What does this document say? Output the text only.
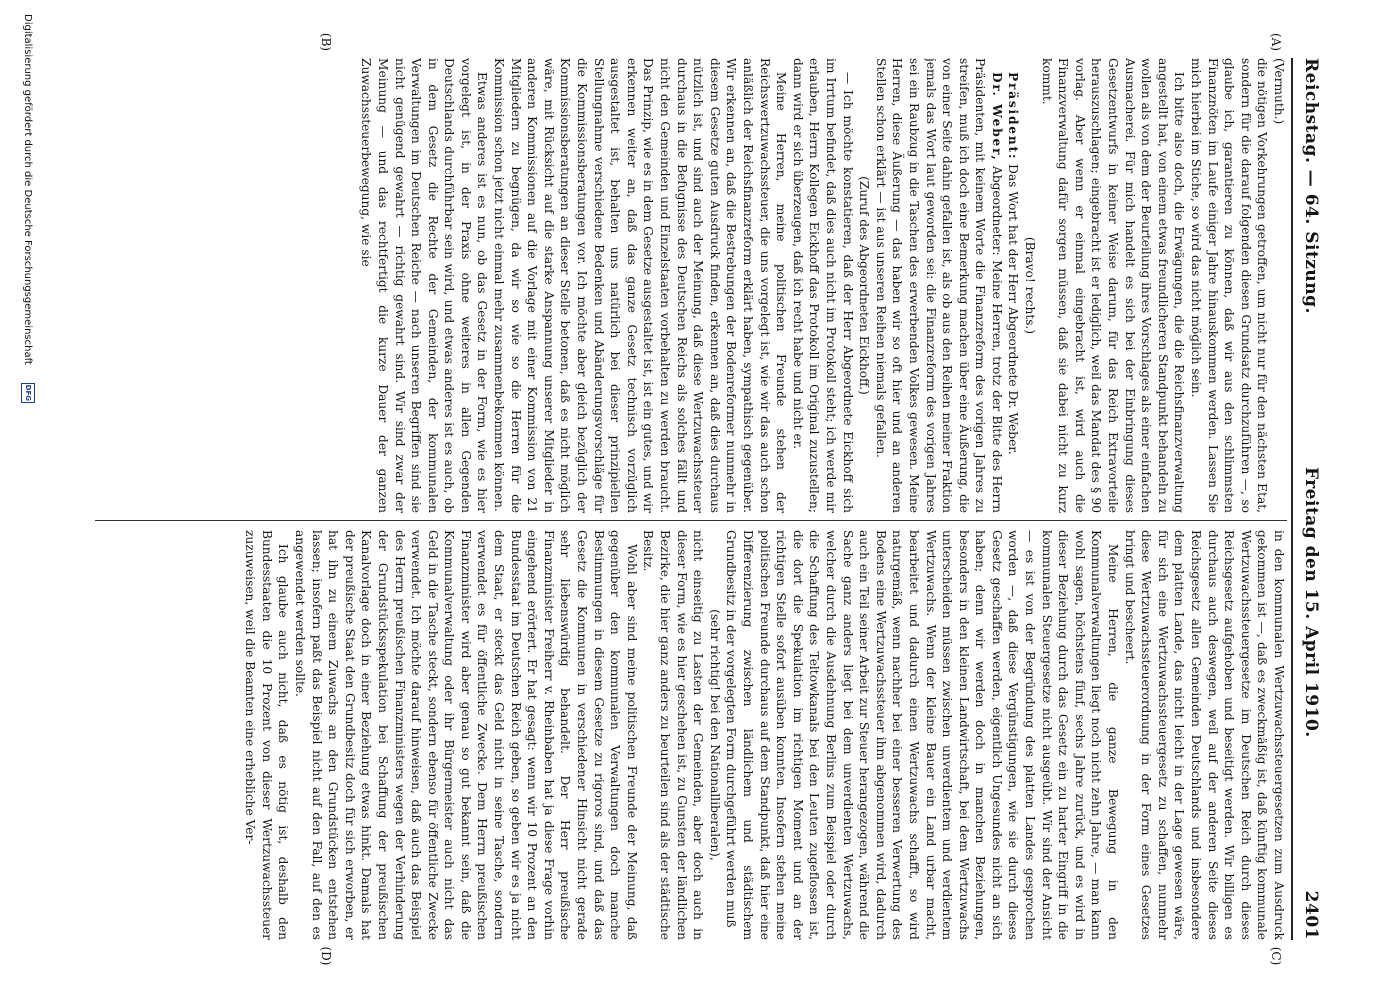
Reichstag. — 64. Sitzung.
Freitag den 15. April 1910.
2401
(A)
(B)
(C)
(D)

(Vermuth.)

die nötigen Vorkehrungen getroffen, um nicht nur für den nächsten Etat, sondern für die darauf folgenden diesen Grundsatz durchzuführen —, so glaube ich, garantieren zu können, daß wir aus den schlimmsten Finanznöten im Laufe einiger Jahre hinauskommen werden. Lassen Sie mich hierbei im Stiche, so wird das nicht möglich sein.

Ich bitte also doch, die Erwägungen, die die Reichsfinanzverwaltung angestellt hat, von einem etwas freundlicheren Standpunkt behandeln zu wollen als von dem der Beurteilung ihres Vorschlages als einer einfachen Ausmacherei. Für mich handelt es sich bei der Einbringung dieses Gesetzentwurfs in keiner Weise darum, für das Reich Extravorteile herauszuschlagen; eingebracht ist er lediglich, weil das Mandat des § 90 vorlag. Aber wenn er einmal eingebracht ist, wird auch die Finanzverwaltung dafür sorgen müssen, daß sie dabei nicht zu kurz kommt.

(Bravo! rechts.)

Präsident: Das Wort hat der Herr Abgeordnete Dr. Weber.

Dr. Weber, Abgeordneter: Meine Herren, trotz der Bitte des Herrn Präsidenten, mit keinem Worte die Finanzreform des vorigen Jahres zu streifen, muß ich doch eine Bemerkung machen über eine Äußerung, die von einer Seite dahin gefallen ist, als ob aus den Reihen meiner Fraktion jemals das Wort laut geworden sei: die Finanzreform des vorigen Jahres sei ein Raubzug in die Taschen des erwerbenden Volkes gewesen. Meine Herren, diese Äußerung — das haben wir so oft hier und an anderen Stellen schon erklärt — ist aus unseren Reihen niemals gefallen.

(Zuruf des Abgeordneten Eickhoff.)

— Ich möchte konstatieren, daß der Herr Abgeordnete Eickhoff sich im Irrtum befindet, daß dies auch nicht im Protokoll steht; ich werde mir erlauben, Herrn Kollegen Eickhoff das Protokoll im Original zuzustellen; dann wird er sich überzeugen, daß ich recht habe und nicht er.

Meine Herren, meine politischen Freunde stehen der Reichswertzuwachssteuer, die uns vorgelegt ist, wie wir das auch schon anläßlich der Reichsfinanzreform erklärt haben, sympathisch gegenüber. Wir erkennen an, daß die Bestrebungen der Bodenreformer nunmehr in diesem Gesetze guten Ausdruck finden, erkennen an, daß dies durchaus nützlich ist, und sind auch der Meinung, daß diese Wertzuwachssteuer durchaus in die Befugnisse des Deutschen Reichs als solches fällt und nicht den Gemeinden und Einzelstaaten vorbehalten zu werden braucht. Das Prinzip, wie es in dem Gesetze ausgestaltet ist, ist ein gutes, und wir erkennen weiter an, daß das ganze Gesetz technisch vorzüglich ausgestaltet ist, behalten uns natürlich bei dieser prinzipiellen Stellungnahme verschiedene Bedenken und Abänderungsvorschläge für die Kommissionsberatungen vor. Ich möchte aber gleich bezüglich der Kommissionsberatungen an dieser Stelle betonen, daß es nicht möglich wäre, mit Rücksicht auf die starke Anspannung unserer Mitglieder in anderen Kommissionen auf die Vorlage mit einer Kommission von 21 Mitgliedern zu begnügen, da wir so wie so die Herren für die Kommission schon jetzt nicht einmal mehr zusammenbekommen können.

Etwas anderes ist es nun, ob das Gesetz in der Form, wie es hier vorgelegt ist, in der Praxis ohne weiteres in allen Gegenden Deutschlands durchführbar sein wird, und etwas anderes ist es auch, ob in dem Gesetz die Rechte der Gemeinden, der kommunalen Verwaltungen im Deutschen Reiche — nach unseren Begriffen sind sie nicht genügend gewahrt — richtig gewahrt sind. Wir sind zwar der Meinung — und das rechtfertigt die kurze Dauer der ganzen Zuwachssteuerbewegung, wie sie

in den kommunalen Wertzuwachssteuergesetzen zum Ausdruck gekommen ist —, daß es zweckmäßig ist, daß künftig kommunale Wertzuwachssteuergesetze im Deutschen Reich durch dieses Reichsgesetz aufgehoben und beseitigt werden. Wir billigen es durchaus auch deswegen, weil auf der anderen Seite dieses Reichsgesetz allen Gemeinden Deutschlands und insbesondere dem platten Lande, das nicht leicht in der Lage gewesen wäre, für sich eine Wertzuwachssteuergesetz zu schaffen, nunmehr diese Wertzuwachssteuerordnung in der Form eines Gesetzes bringt und bescheert.

Meine Herren, die ganze Bewegung in den Kommunalverwaltungen liegt noch nicht zehn Jahre, — man kann wohl sagen, höchstens fünf, sechs Jahre zurück, und es wird in dieser Beziehung durch das Gesetz ein zu harter Eingriff in die kommunalen Steuergesetze nicht ausgeübt. Wir sind der Ansicht — es ist von der Begründung des platten Landes gesprochen worden —, daß diese Vergünstigungen, wie sie durch dieses Gesetz geschaffen werden, eigentlich Ungesundes nicht an sich haben; denn wir werden doch in manchen Beziehungen, besonders in den kleinen Landwirtschaft, bei dem Wertzuwachs unterscheiden müssen zwischen unverdientem und verdientem Wertzuwachs. Wenn der kleine Bauer ein Land urbar macht, bearbeitet und dadurch einen Wertzuwachs schafft, so wird naturgemäß, wenn nachher bei einer besseren Verwertung des Bodens eine Wertzuwachssteuer ihm abgenommen wird, dadurch auch ein Teil seiner Arbeit zur Steuer herangezogen, während die Sache ganz anders liegt bei dem unverdienten Wertzuwachs, welcher durch die Ausdehnung Berlins zum Beispiel oder durch die Schaffung des Teltowkanals bei den Leuten zugeflossen ist, die dort die Spekulation im richtigen Moment und an der richtigen Stelle sofort ausüben konnten. Insofern stehen meine politischen Freunde durchaus auf dem Standpunkt, daß hier eine Differenzierung zwischen ländlichem und städtischem Grundbesitz in der vorgelegten Form durchgeführt werden muß

(sehr richtig! bei den Nationalliberalen),

nicht einseitig zu Lasten der Gemeinden, aber doch auch in dieser Form, wie es hier geschehen ist, zu Gunsten der ländlichen Bezirke, die hier ganz anders zu beurteilen sind als der städtische Besitz.

Wohl aber sind meine politischen Freunde der Meinung, daß gegenüber den kommunalen Verwaltungen doch manche Bestimmungen in diesem Gesetze zu rigoros sind, und daß das Gesetz die Kommunen in verschiedener Hinsicht nicht gerade sehr liebenswürdig behandelt. Der Herr preußische Finanzminister Freiherr v. Rheinbaben hat ja diese Frage vorhin eingehend erörtert. Er hat gesagt: wenn wir 10 Prozent an den Bundesstaat im Deutschen Reich geben, so geben wir es ja nicht dem Staat, er steckt das Geld nicht in seine Tasche, sondern verwendet es für öffentliche Zwecke. Dem Herrn preußischen Finanzminister wird aber genau so gut bekannt sein, daß die Kommunalverwaltung oder ihr Bürgermeister auch nicht das Geld in die Tasche steckt, sondern ebenso für öffentliche Zwecke verwendet. Ich möchte darauf hinweisen, daß auch das Beispiel des Herrn preußischen Finanzministers wegen der Verhinderung der Grundstücksspekulation bei Schaffung der preußischen Kanalvorlage doch in einer Beziehung etwas hinkt. Damals hat der preußische Staat den Grundbesitz doch für sich erworben, er hat ihn zu einem Zuwachs an den Grundstücken entstehen lassen; insofern paßt das Beispiel nicht auf den Fall, auf den es angewendet werden sollte.

Ich glaube auch nicht, daß es nötig ist, deshalb den Bundesstaaten die 10 Prozent von dieser Wertzuwachssteuer zuzuweisen, weil die Beamten eine erhebliche Ver-

Digitalisierung gefördert durch die Deutsche Forschungsgemeinschaft
DFG
